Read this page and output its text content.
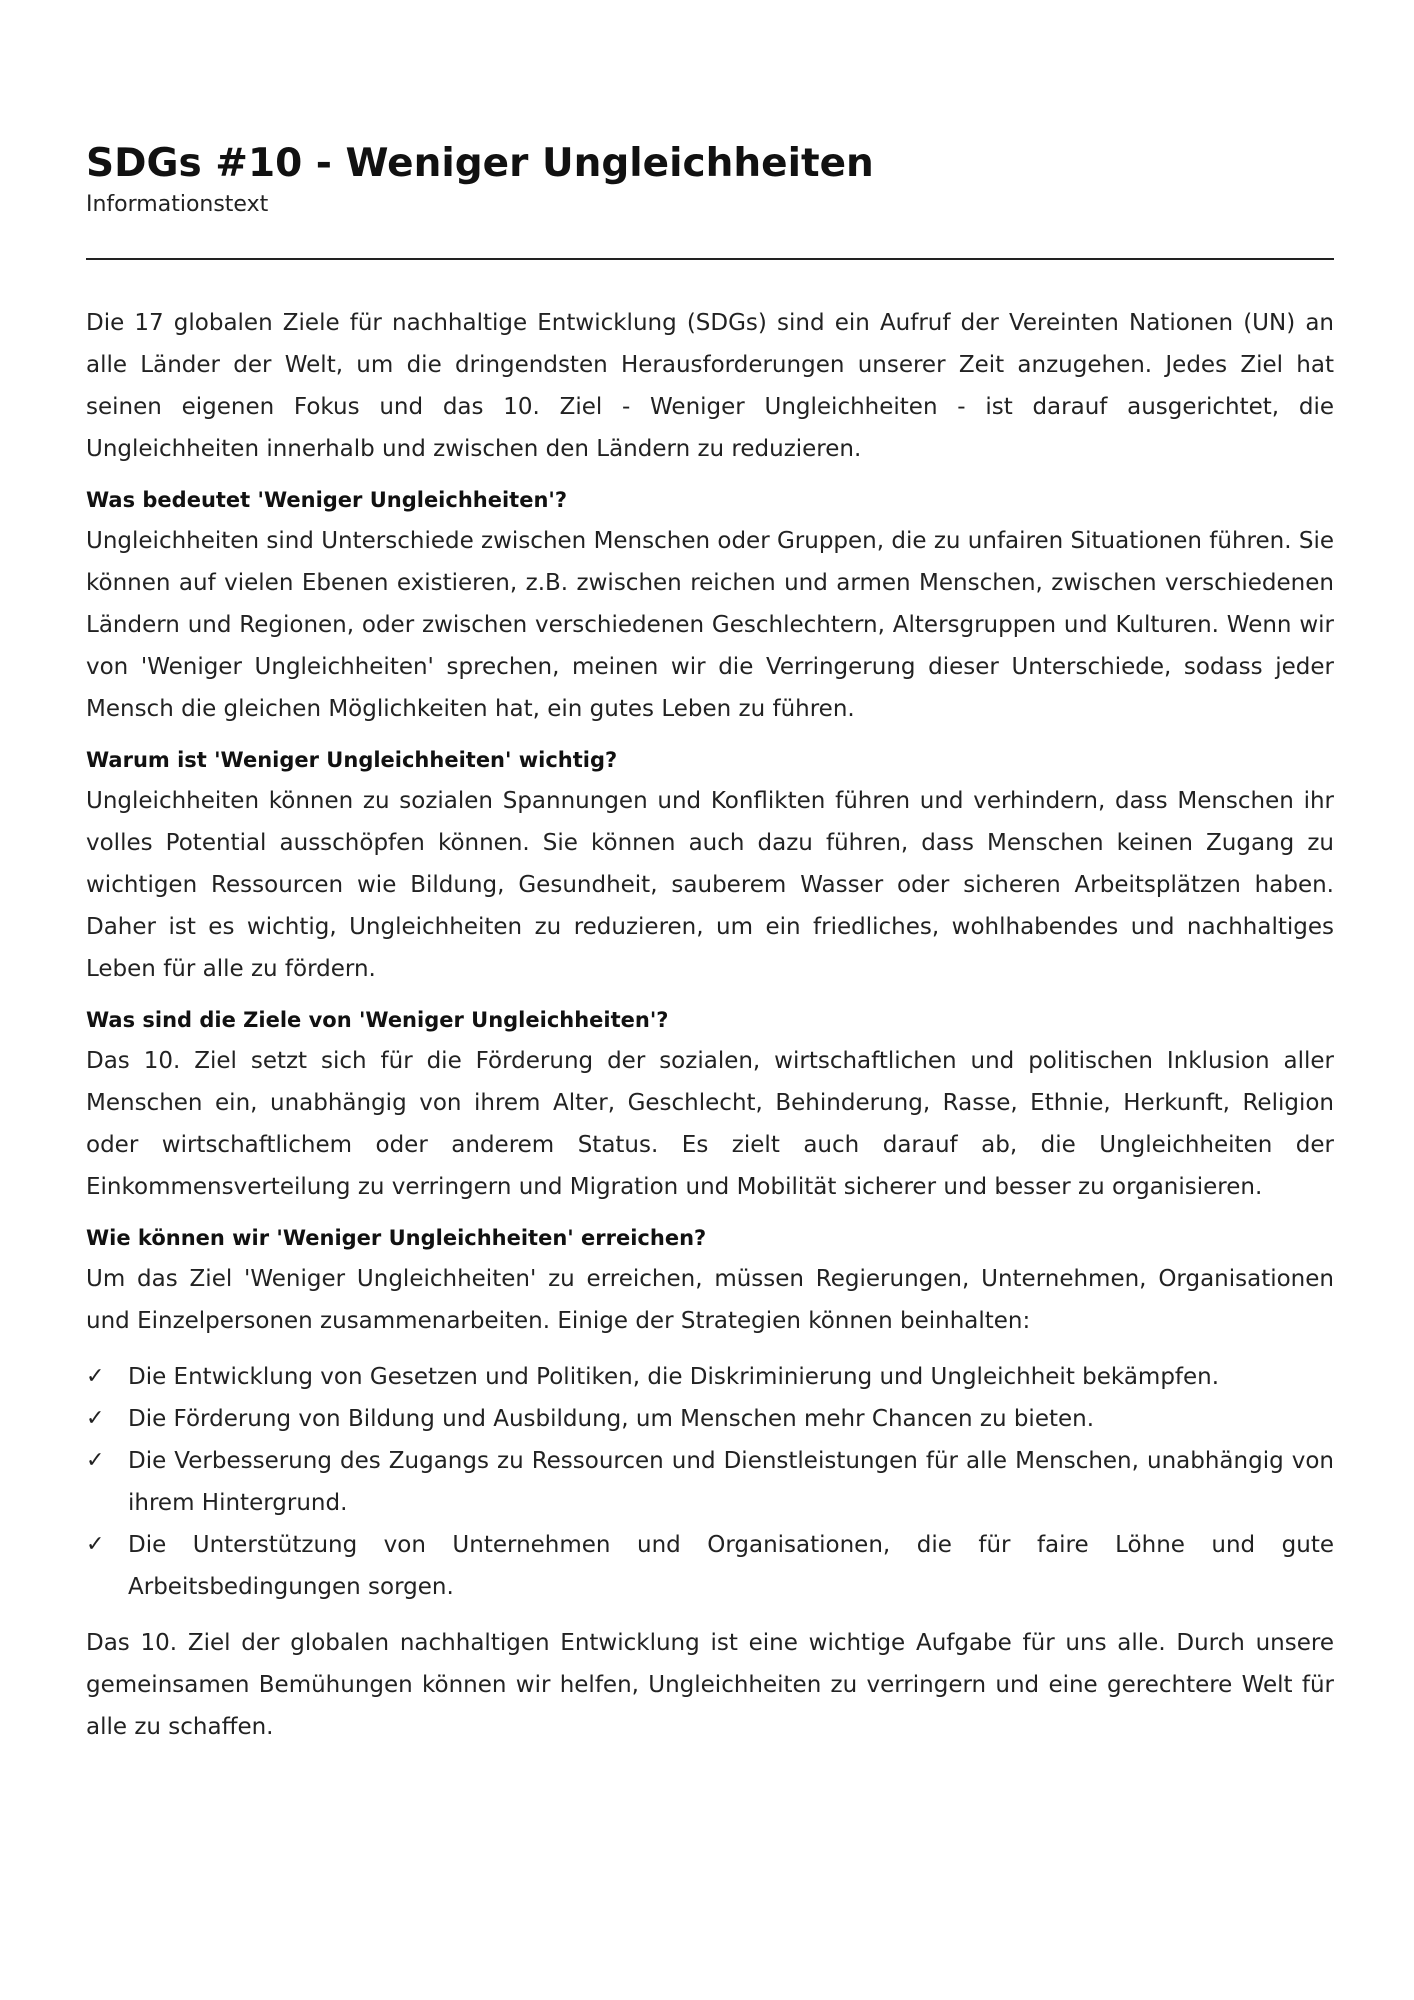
SDGs #10 - Weniger Ungleichheiten
Informationstext

Die 17 globalen Ziele für nachhaltige Entwicklung (SDGs) sind ein Aufruf der Vereinten Nationen (UN) an alle Länder der Welt, um die dringendsten Herausforderungen unserer Zeit anzugehen. Jedes Ziel hat seinen eigenen Fokus und das 10. Ziel - Weniger Ungleichheiten - ist darauf ausgerichtet, die Ungleichheiten innerhalb und zwischen den Ländern zu reduzieren.

Was bedeutet 'Weniger Ungleichheiten'?

Ungleichheiten sind Unterschiede zwischen Menschen oder Gruppen, die zu unfairen Situationen führen. Sie können auf vielen Ebenen existieren, z.B. zwischen reichen und armen Menschen, zwischen verschiedenen Ländern und Regionen, oder zwischen verschiedenen Geschlechtern, Altersgruppen und Kulturen. Wenn wir von 'Weniger Ungleichheiten' sprechen, meinen wir die Verringerung dieser Unterschiede, sodass jeder Mensch die gleichen Möglichkeiten hat, ein gutes Leben zu führen.

Warum ist 'Weniger Ungleichheiten' wichtig?

Ungleichheiten können zu sozialen Spannungen und Konflikten führen und verhindern, dass Menschen ihr volles Potential ausschöpfen können. Sie können auch dazu führen, dass Menschen keinen Zugang zu wichtigen Ressourcen wie Bildung, Gesundheit, sauberem Wasser oder sicheren Arbeitsplätzen haben. Daher ist es wichtig, Ungleichheiten zu reduzieren, um ein friedliches, wohlhabendes und nachhaltiges Leben für alle zu fördern.

Was sind die Ziele von 'Weniger Ungleichheiten'?

Das 10. Ziel setzt sich für die Förderung der sozialen, wirtschaftlichen und politischen Inklusion aller Menschen ein, unabhängig von ihrem Alter, Geschlecht, Behinderung, Rasse, Ethnie, Herkunft, Religion oder wirtschaftlichem oder anderem Status. Es zielt auch darauf ab, die Ungleichheiten der Einkommensverteilung zu verringern und Migration und Mobilität sicherer und besser zu organisieren.

Wie können wir 'Weniger Ungleichheiten' erreichen?

Um das Ziel 'Weniger Ungleichheiten' zu erreichen, müssen Regierungen, Unternehmen, Organisationen und Einzelpersonen zusammenarbeiten. Einige der Strategien können beinhalten:

✓ Die Entwicklung von Gesetzen und Politiken, die Diskriminierung und Ungleichheit bekämpfen.
✓ Die Förderung von Bildung und Ausbildung, um Menschen mehr Chancen zu bieten.
✓ Die Verbesserung des Zugangs zu Ressourcen und Dienstleistungen für alle Menschen, unabhängig von ihrem Hintergrund.
✓ Die Unterstützung von Unternehmen und Organisationen, die für faire Löhne und gute Arbeitsbedingungen sorgen.

Das 10. Ziel der globalen nachhaltigen Entwicklung ist eine wichtige Aufgabe für uns alle. Durch unsere gemeinsamen Bemühungen können wir helfen, Ungleichheiten zu verringern und eine gerechtere Welt für alle zu schaffen.
